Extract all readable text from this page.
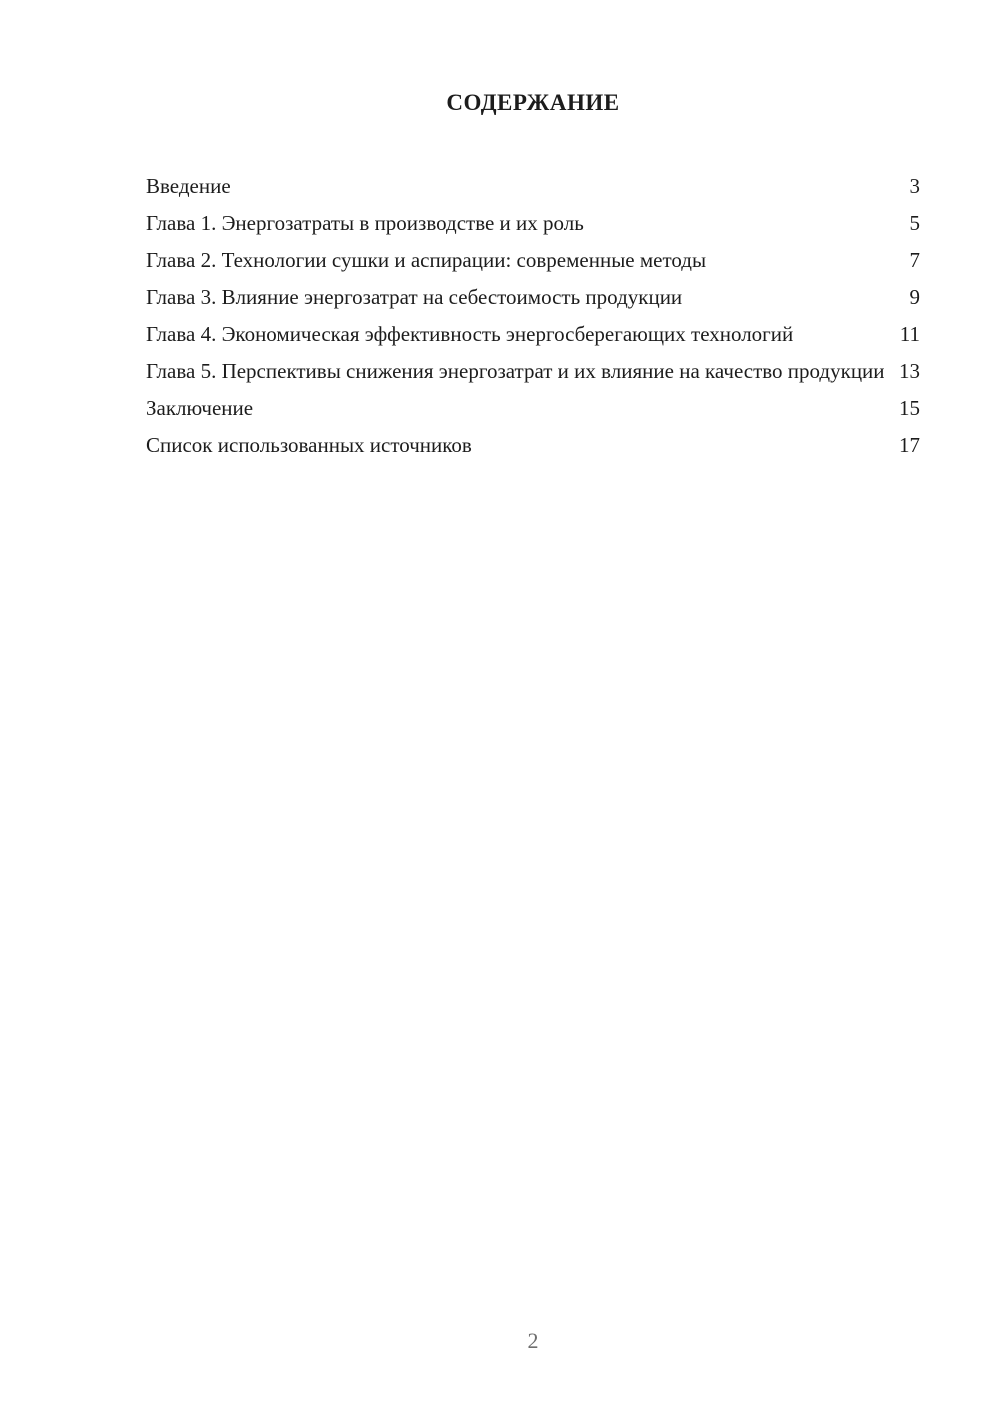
СОДЕРЖАНИЕ
Введение	3
Глава 1. Энергозатраты в производстве и их роль	5
Глава 2. Технологии сушки и аспирации: современные методы	7
Глава 3. Влияние энергозатрат на себестоимость продукции	9
Глава 4. Экономическая эффективность энергосберегающих технологий	11
Глава 5. Перспективы снижения энергозатрат и их влияние на качество продукции 13
Заключение	15
Список использованных источников	17
2
